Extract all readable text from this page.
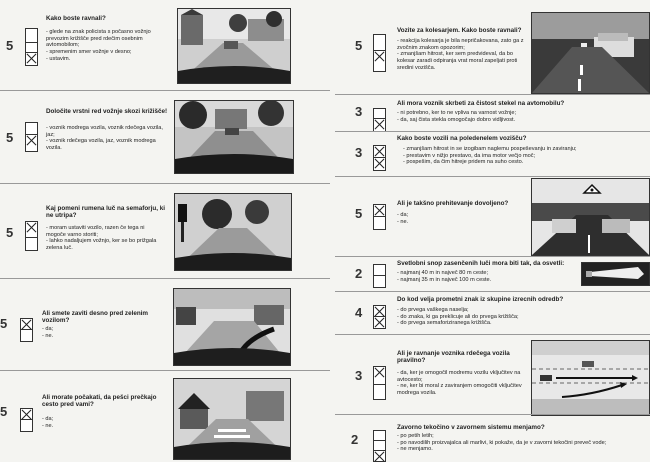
5
Kako boste ravnali?
- glede na znak policista s počasno vožnjo prevozim križišče pred rdečim osebnim avtomobilom;
- spremenim smer vožnje v desno;
- ustavim.
5
Določite vrstni red vožnje skozi križišče!
- voznik modrega vozila, voznik rdečega vozila, jaz;
- voznik rdečega vozila, jaz, voznik modrega vozila.
5
Kaj pomeni rumena luč na semaforju, ki ne utripa?
- moram ustaviti vozilo, razen če tega ni mogoče varno storiti;
- lahko nadaljujem vožnjo, ker se bo prižgala zelena luč.
5
Ali smete zaviti desno pred zelenim vozilom?
- da;
- ne.
5
Ali morate počakati, da pešci prečkajo cesto pred vami?
- da;
- ne.
5
Vozite za kolesarjem. Kako boste ravnali?
- reakcija kolesarja je bila nepričakovana, zato ga z zvočnim znakom opozorim;
- zmanjšam hitrost, ker sem predvideval, da bo kolesar zaradi odpiranja vrat moral zapeljati proti sredini vozišča.
3
Ali mora voznik skrbeti za čistost stekel na avtomobilu?
- ni potrebno, ker to ne vpliva na varnost vožnje;
- da, saj čista stekla omogočajo dobro vidljivost.
3
Kako boste vozili na poledenelem vozišču?
- zmanjšam hitrost in se izogibam naglemu pospeševanju in zaviranju;
- prestavim v nižjo prestavo, da ima motor večjo moč;
- pospešim, da čim hitreje pridem na suho cesto.
5
Ali je takšno prehitevanje dovoljeno?
- da;
- ne.
2
Svetlobni snop zasenčenih luči mora biti tak, da osvetli:
- najmanj 40 m in največ 80 m ceste;
- najmanj 35 m in največ 100 m ceste.
4
Do kod velja prometni znak iz skupine izrecnih odredb?
- do prvega vaškega naselja;
- do znaka, ki ga preklicuje ali do prvega križišča;
- do prvega semaforiziranega križišča.
3
Ali je ravnanje voznika rdečega vozila pravilno?
- da, ker je omogočil modremu vozilu vključitev na avtocesto;
- ne, ker bi moral z zaviranjem omogočiti vključitev modrega vozila.
2
Zavorno tekočino v zavornem sistemu menjamo?
- po petih letih;
- po navodilih proizvajalca ali marlivi, ki pokaže, da je v zavorni tekočini preveč vode;
- ne menjamo.
